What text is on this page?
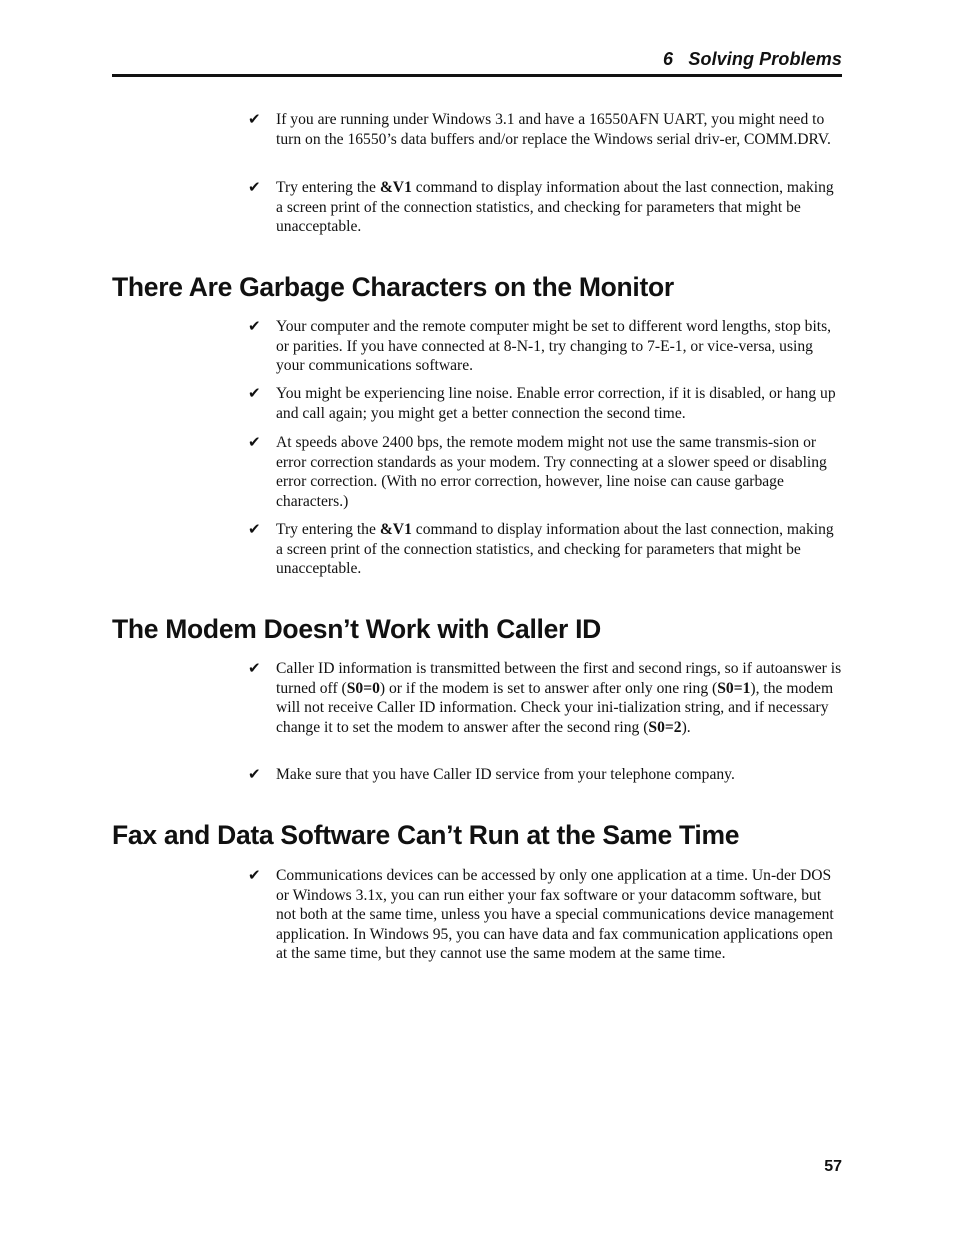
6   Solving Problems
✔ If you are running under Windows 3.1 and have a 16550AFN UART, you might need to turn on the 16550’s data buffers and/or replace the Windows serial driv-er, COMM.DRV.
✔ Try entering the &V1 command to display information about the last connection, making a screen print of the connection statistics, and checking for parameters that might be unacceptable.
There Are Garbage Characters on the Monitor
✔ Your computer and the remote computer might be set to different word lengths, stop bits, or parities. If you have connected at 8-N-1, try changing to 7-E-1, or vice-versa, using your communications software.
✔ You might be experiencing line noise. Enable error correction, if it is disabled, or hang up and call again; you might get a better connection the second time.
✔ At speeds above 2400 bps, the remote modem might not use the same transmis-sion or error correction standards as your modem. Try connecting at a slower speed or disabling error correction. (With no error correction, however, line noise can cause garbage characters.)
✔ Try entering the &V1 command to display information about the last connection, making a screen print of the connection statistics, and checking for parameters that might be unacceptable.
The Modem Doesn’t Work with Caller ID
✔ Caller ID information is transmitted between the first and second rings, so if autoanswer is turned off (S0=0) or if the modem is set to answer after only one ring (S0=1), the modem will not receive Caller ID information. Check your ini-tialization string, and if necessary change it to set the modem to answer after the second ring (S0=2).
✔ Make sure that you have Caller ID service from your telephone company.
Fax and Data Software Can’t Run at the Same Time
✔ Communications devices can be accessed by only one application at a time. Un-der DOS or Windows 3.1x, you can run either your fax software or your datacomm software, but not both at the same time, unless you have a special communications device management application. In Windows 95, you can have data and fax communication applications open at the same time, but they cannot use the same modem at the same time.
57
